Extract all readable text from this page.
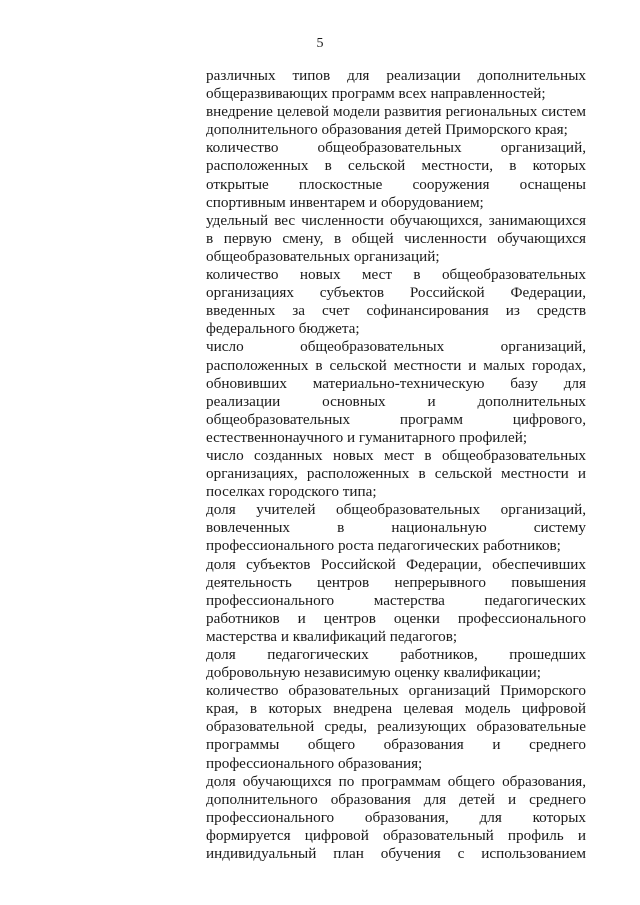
5
различных типов для реализации дополнительных
общеразвивающих программ всех направленностей;
внедрение целевой модели развития региональных систем
дополнительного образования детей Приморского края;
количество общеобразовательных организаций,
расположенных в сельской местности, в которых
открытые плоскостные сооружения оснащены
спортивным инвентарем и оборудованием;
удельный вес численности обучающихся, занимающихся
в первую смену, в общей численности обучающихся
общеобразовательных организаций;
количество новых мест в общеобразовательных
организациях субъектов Российской Федерации,
введенных за счет софинансирования из средств
федерального бюджета;
число общеобразовательных организаций,
расположенных в сельской местности и малых городах,
обновивших материально-техническую базу для
реализации основных и дополнительных
общеобразовательных программ цифрового,
естественнонаучного и гуманитарного профилей;
число созданных новых мест в общеобразовательных
организациях, расположенных в сельской местности и
поселках городского типа;
доля учителей общеобразовательных организаций,
вовлеченных в национальную систему
профессионального роста педагогических работников;
доля субъектов Российской Федерации, обеспечивших
деятельность центров непрерывного повышения
профессионального мастерства педагогических
работников и центров оценки профессионального
мастерства и квалификаций педагогов;
доля педагогических работников, прошедших
добровольную независимую оценку квалификации;
количество образовательных организаций Приморского
края, в которых внедрена целевая модель цифровой
образовательной среды, реализующих образовательные
программы общего образования и среднего
профессионального образования;
доля обучающихся по программам общего образования,
дополнительного образования для детей и среднего
профессионального образования, для которых
формируется цифровой образовательный профиль и
индивидуальный план обучения с использованием
